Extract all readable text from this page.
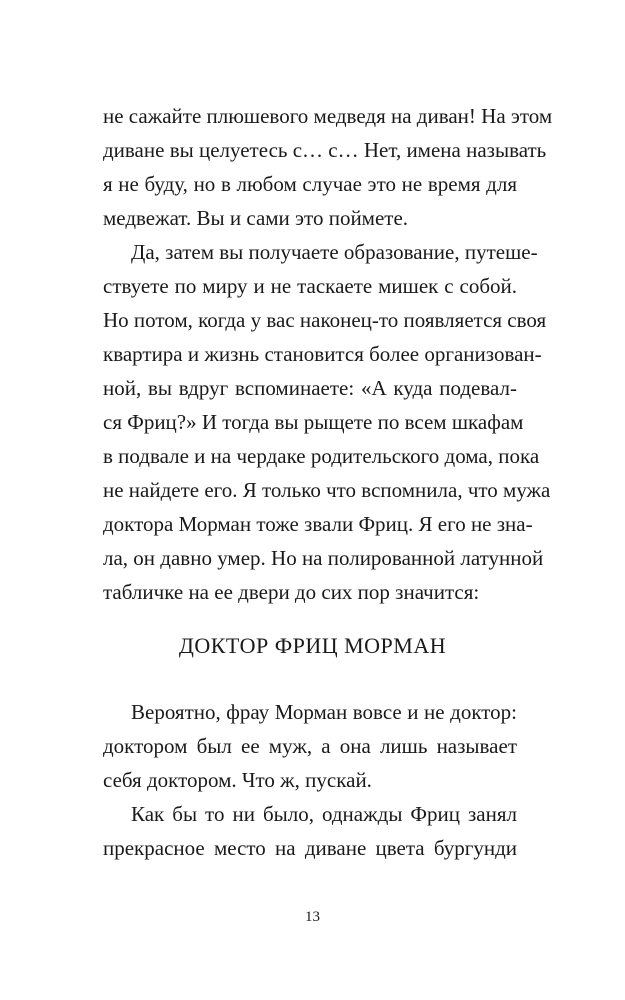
не сажайте плюшевого медведя на диван! На этом
диване вы целуетесь с… с… Нет, имена называть
я не буду, но в любом случае это не время для
медвежат. Вы и сами это поймете.
Да, затем вы получаете образование, путеше-
ствуете по миру и не таскаете мишек с собой.
Но потом, когда у вас наконец-то появляется своя
квартира и жизнь становится более организован-
ной, вы вдруг вспоминаете: «А куда подевал-
ся Фриц?» И тогда вы рыщете по всем шкафам
в подвале и на чердаке родительского дома, пока
не найдете его. Я только что вспомнила, что мужа
доктора Морман тоже звали Фриц. Я его не зна-
ла, он давно умер. Но на полированной латунной
табличке на ее двери до сих пор значится:
ДОКТОР ФРИЦ МОРМАН
Вероятно, фрау Морман вовсе и не доктор:
доктором был ее муж, а она лишь называет
себя доктором. Что ж, пускай.
Как бы то ни было, однажды Фриц занял
прекрасное место на диване цвета бургунди
13
